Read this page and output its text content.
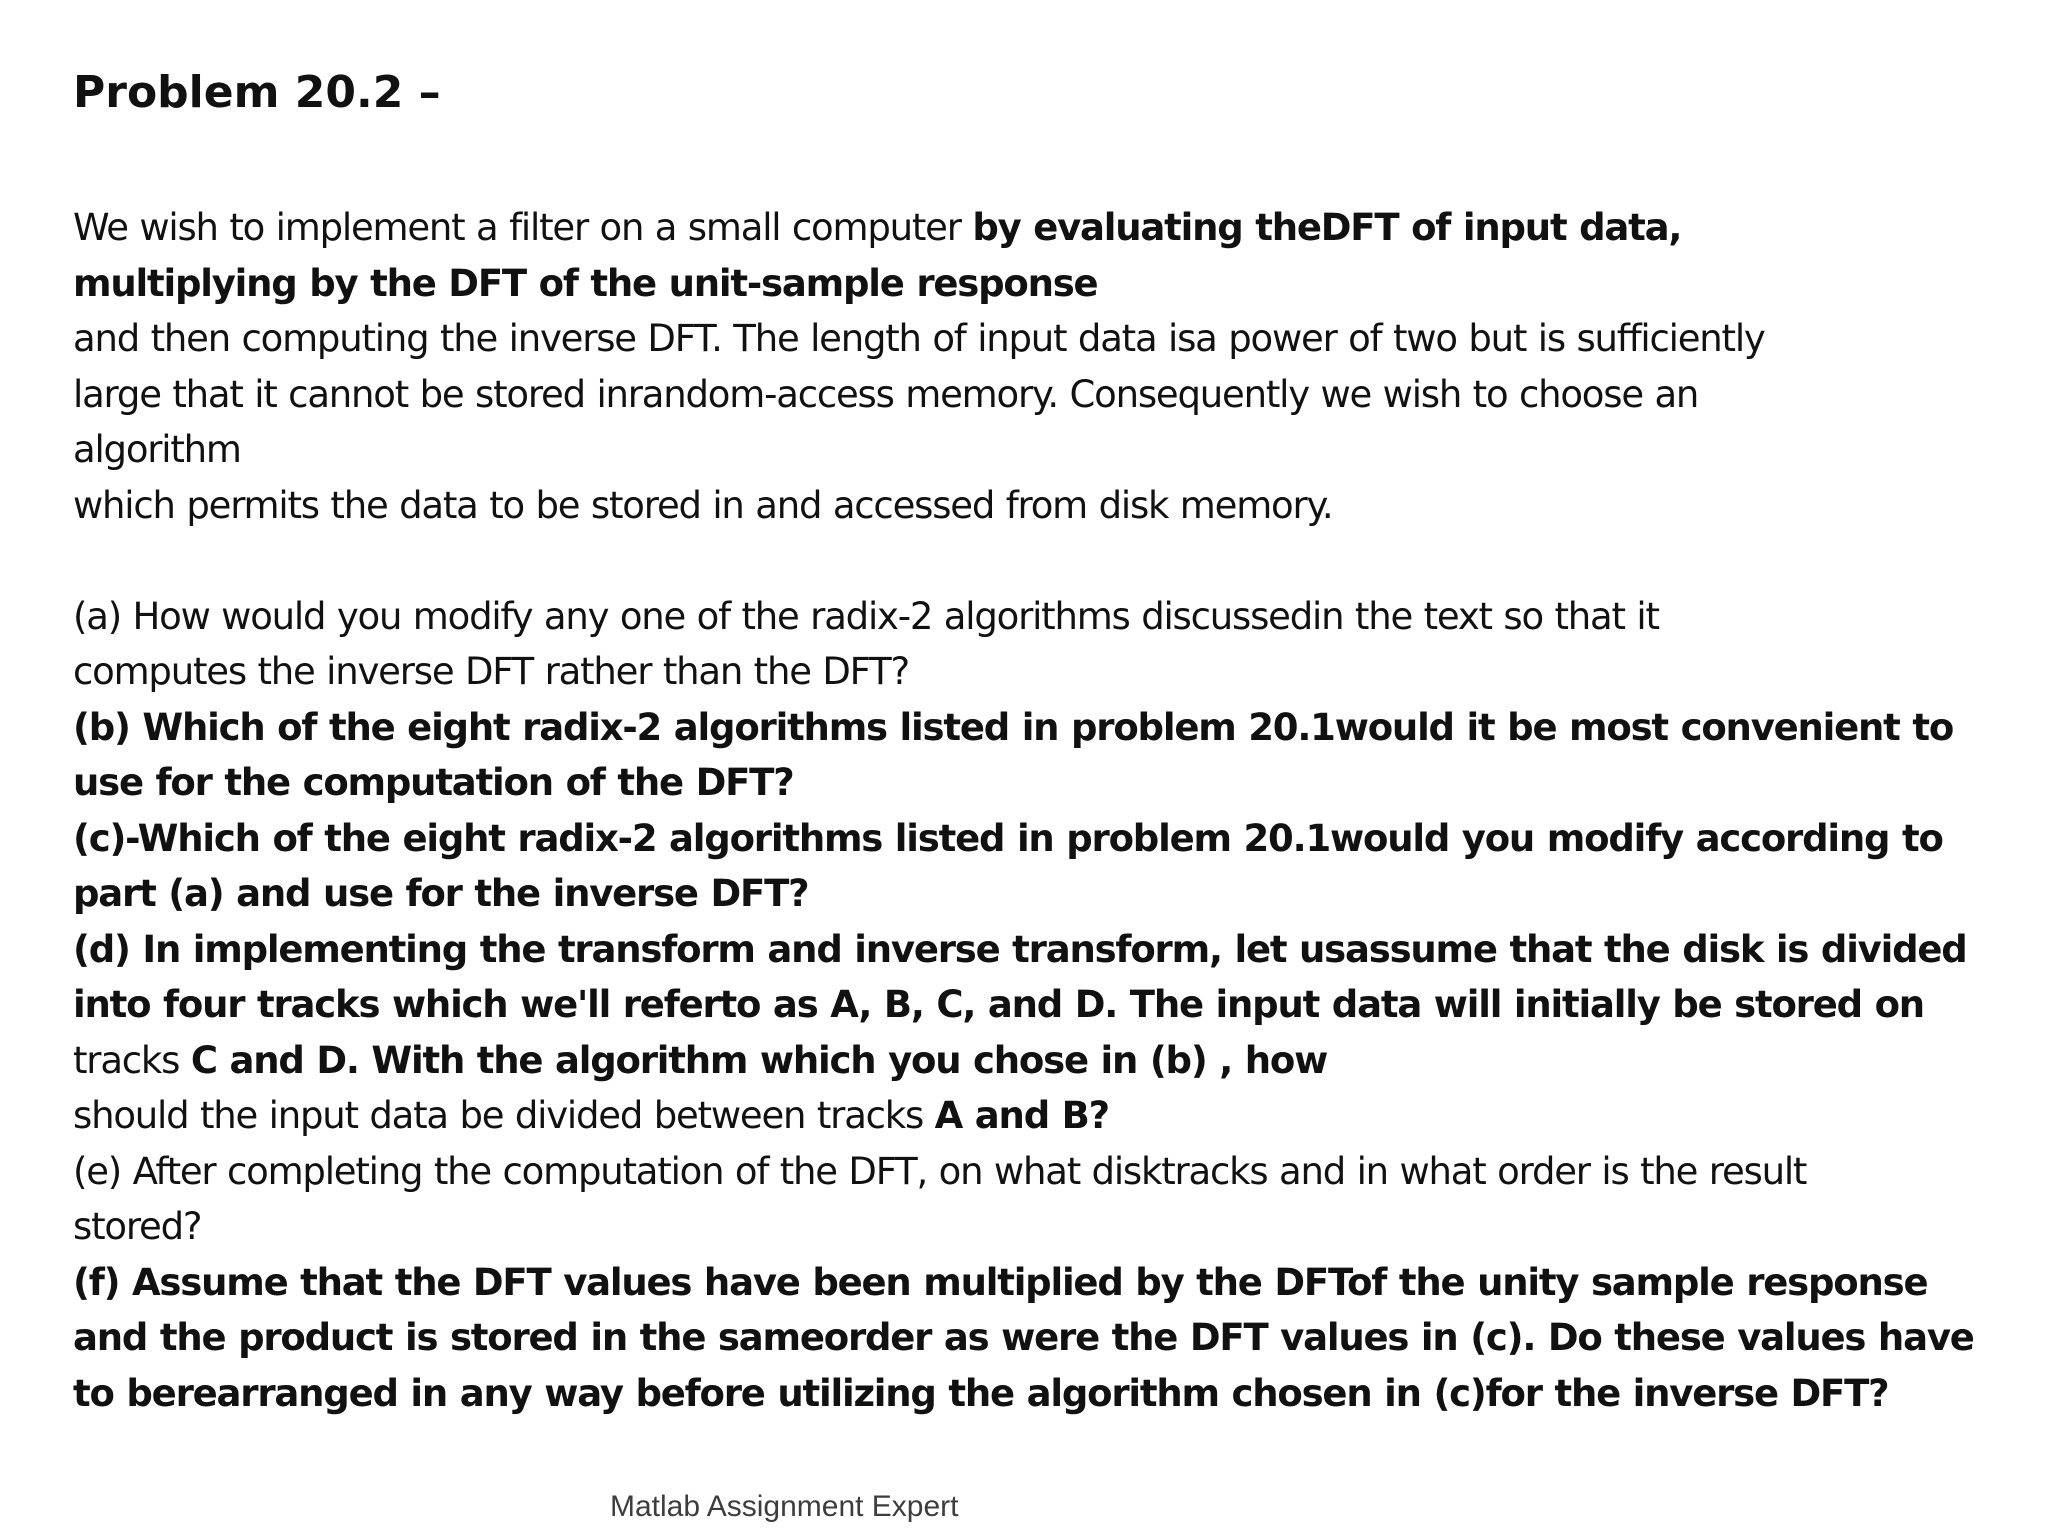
Problem 20.2 –
We wish to implement a filter on a small computer by evaluating theDFT of input data,
multiplying by the DFT of the unit-sample response
and then computing the inverse DFT. The length of input data isa power of two but is sufficiently
large that it cannot be stored inrandom-access memory. Consequently we wish to choose an
algorithm
which permits the data to be stored in and accessed from disk memory.
(a) How would you modify any one of the radix-2 algorithms discussedin the text so that it
computes the inverse DFT rather than the DFT?
(b) Which of the eight radix-2 algorithms listed in problem 20.1would it be most convenient to
use for the computation of the DFT?
(c)-Which of the eight radix-2 algorithms listed in problem 20.1would you modify according to
part (a) and use for the inverse DFT?
(d) In implementing the transform and inverse transform, let usassume that the disk is divided
into four tracks which we'll referto as A, B, C, and D. The input data will initially be stored on
tracks C and D. With the algorithm which you chose in (b) , how
should the input data be divided between tracks A and B?
(e) After completing the computation of the DFT, on what disktracks and in what order is the result
stored?
(f) Assume that the DFT values have been multiplied by the DFTof the unity sample response
and the product is stored in the sameorder as were the DFT values in (c). Do these values have
to berearranged in any way before utilizing the algorithm chosen in (c)for the inverse DFT?
Matlab Assignment Expert
